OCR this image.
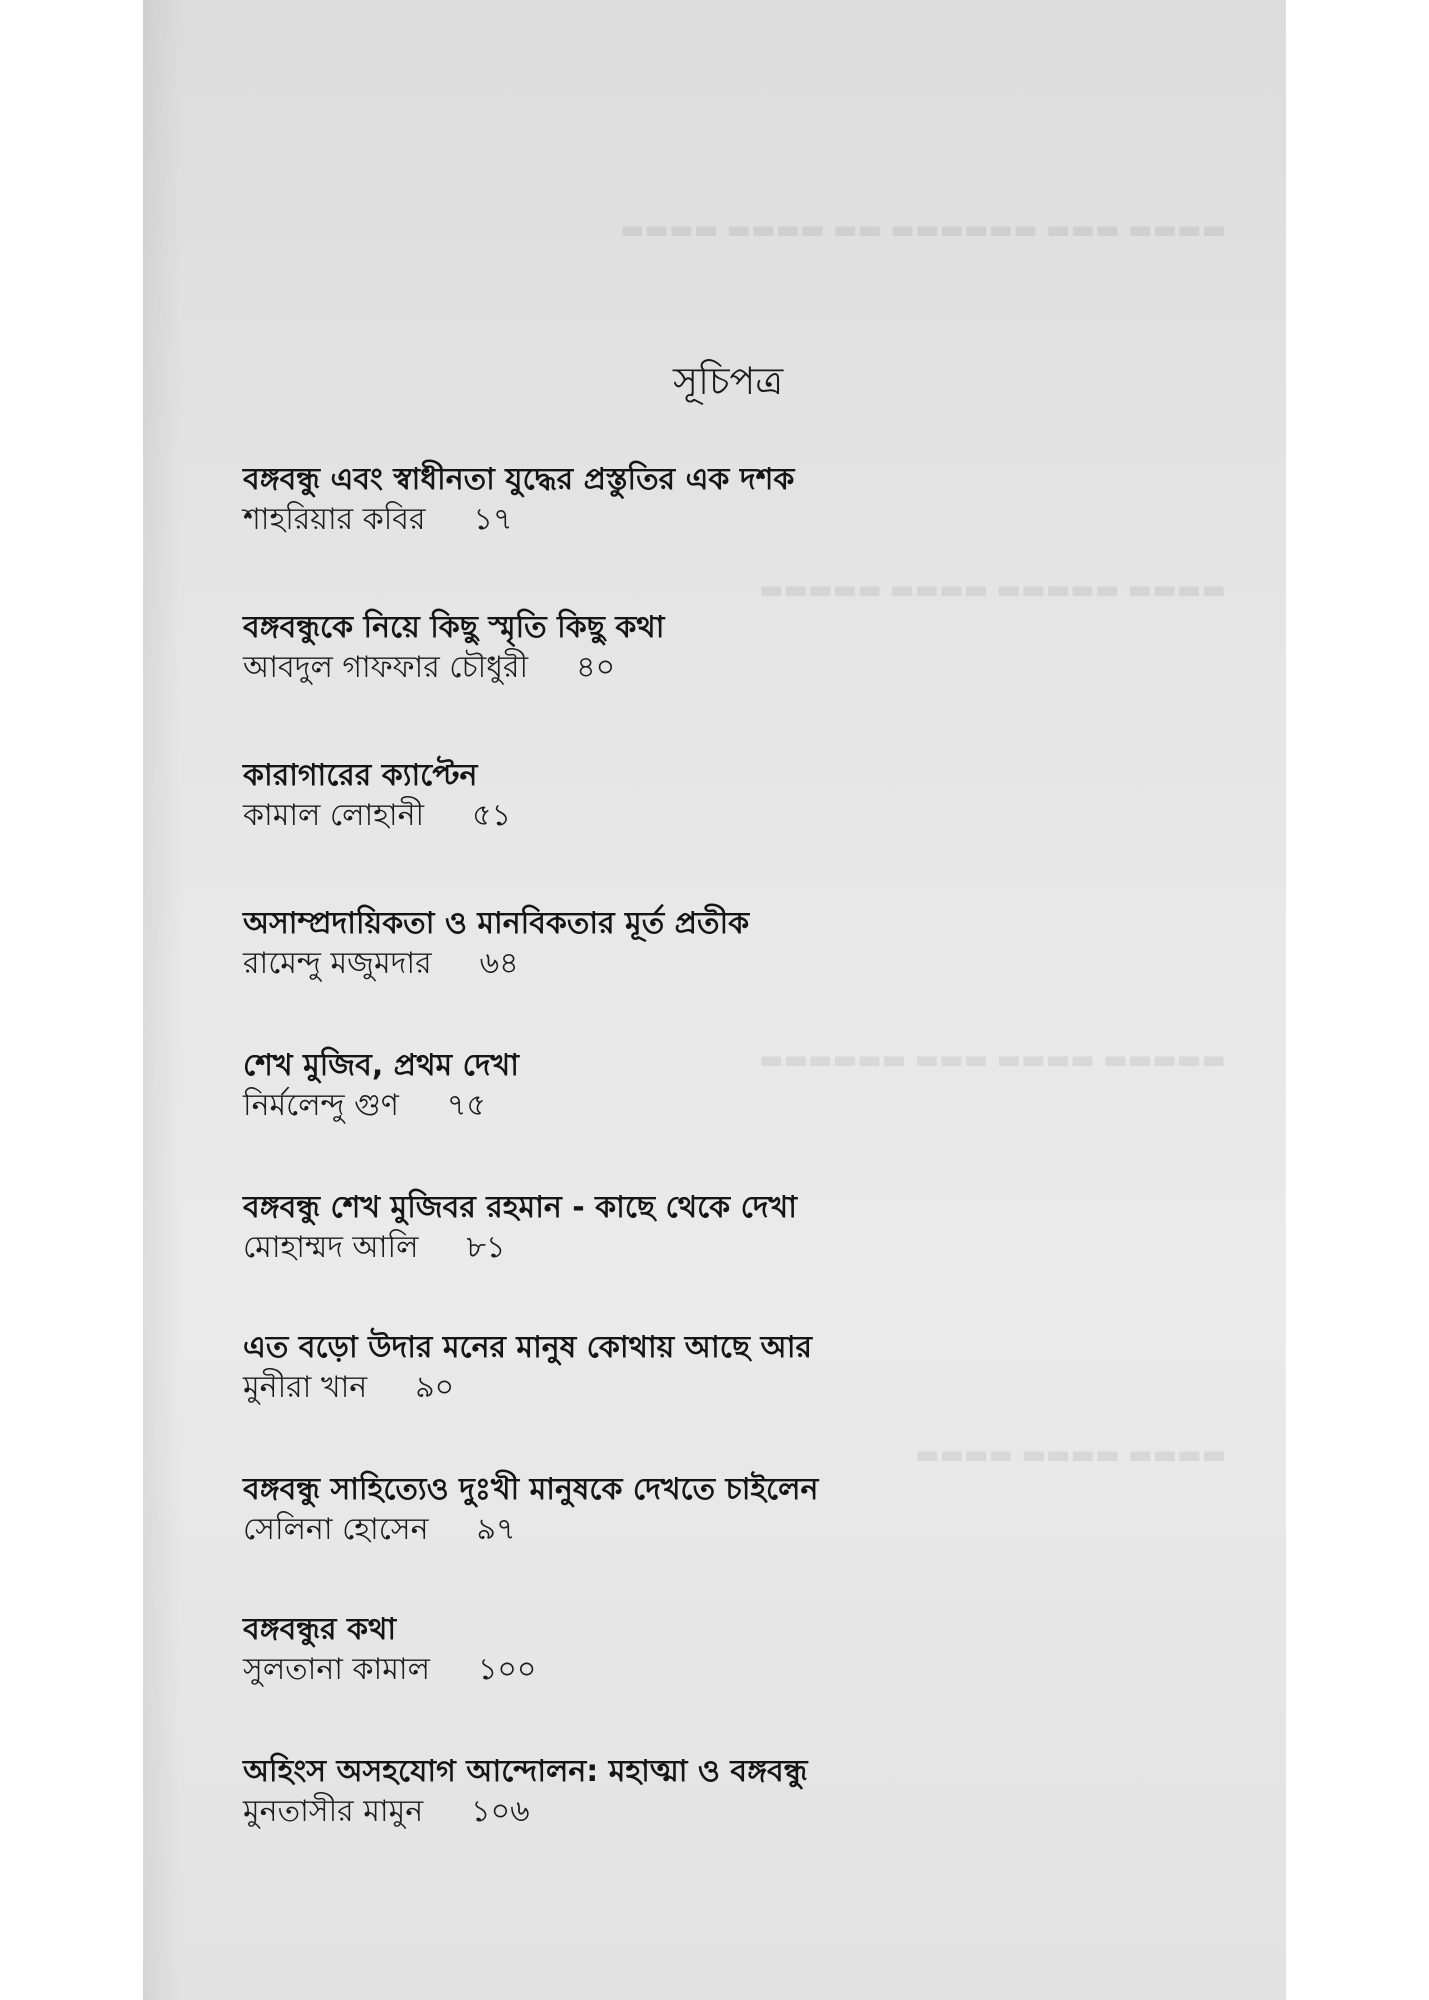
▬▬▬▬ ▬▬▬ ▬▬▬▬▬▬ ▬▬ ▬▬▬▬ ▬▬▬▬
▬▬▬▬ ▬▬▬▬▬ ▬▬▬▬ ▬▬▬▬▬
▬▬▬▬▬ ▬▬▬▬ ▬▬▬ ▬▬▬▬▬▬
▬▬▬▬ ▬▬▬▬ ▬▬▬▬
সূচিপত্র
বঙ্গবন্ধু এবং স্বাধীনতা যুদ্ধের প্রস্তুতির এক দশক
শাহরিয়ার কবির ১৭
বঙ্গবন্ধুকে নিয়ে কিছু স্মৃতি কিছু কথা
আবদুল গাফফার চৌধুরী ৪০
কারাগারের ক্যাপ্টেন
কামাল লোহানী ৫১
অসাম্প্রদায়িকতা ও মানবিকতার মূর্ত প্রতীক
রামেন্দু মজুমদার ৬৪
শেখ মুজিব, প্রথম দেখা
নির্মলেন্দু গুণ ৭৫
বঙ্গবন্ধু শেখ মুজিবর রহমান - কাছে থেকে দেখা
মোহাম্মদ আলি ৮১
এত বড়ো উদার মনের মানুষ কোথায় আছে আর
মুনীরা খান ৯০
বঙ্গবন্ধু সাহিত্যেও দুঃখী মানুষকে দেখতে চাইলেন
সেলিনা হোসেন ৯৭
বঙ্গবন্ধুর কথা
সুলতানা কামাল ১০০
অহিংস অসহযোগ আন্দোলন: মহাত্মা ও বঙ্গবন্ধু
মুনতাসীর মামুন ১০৬
